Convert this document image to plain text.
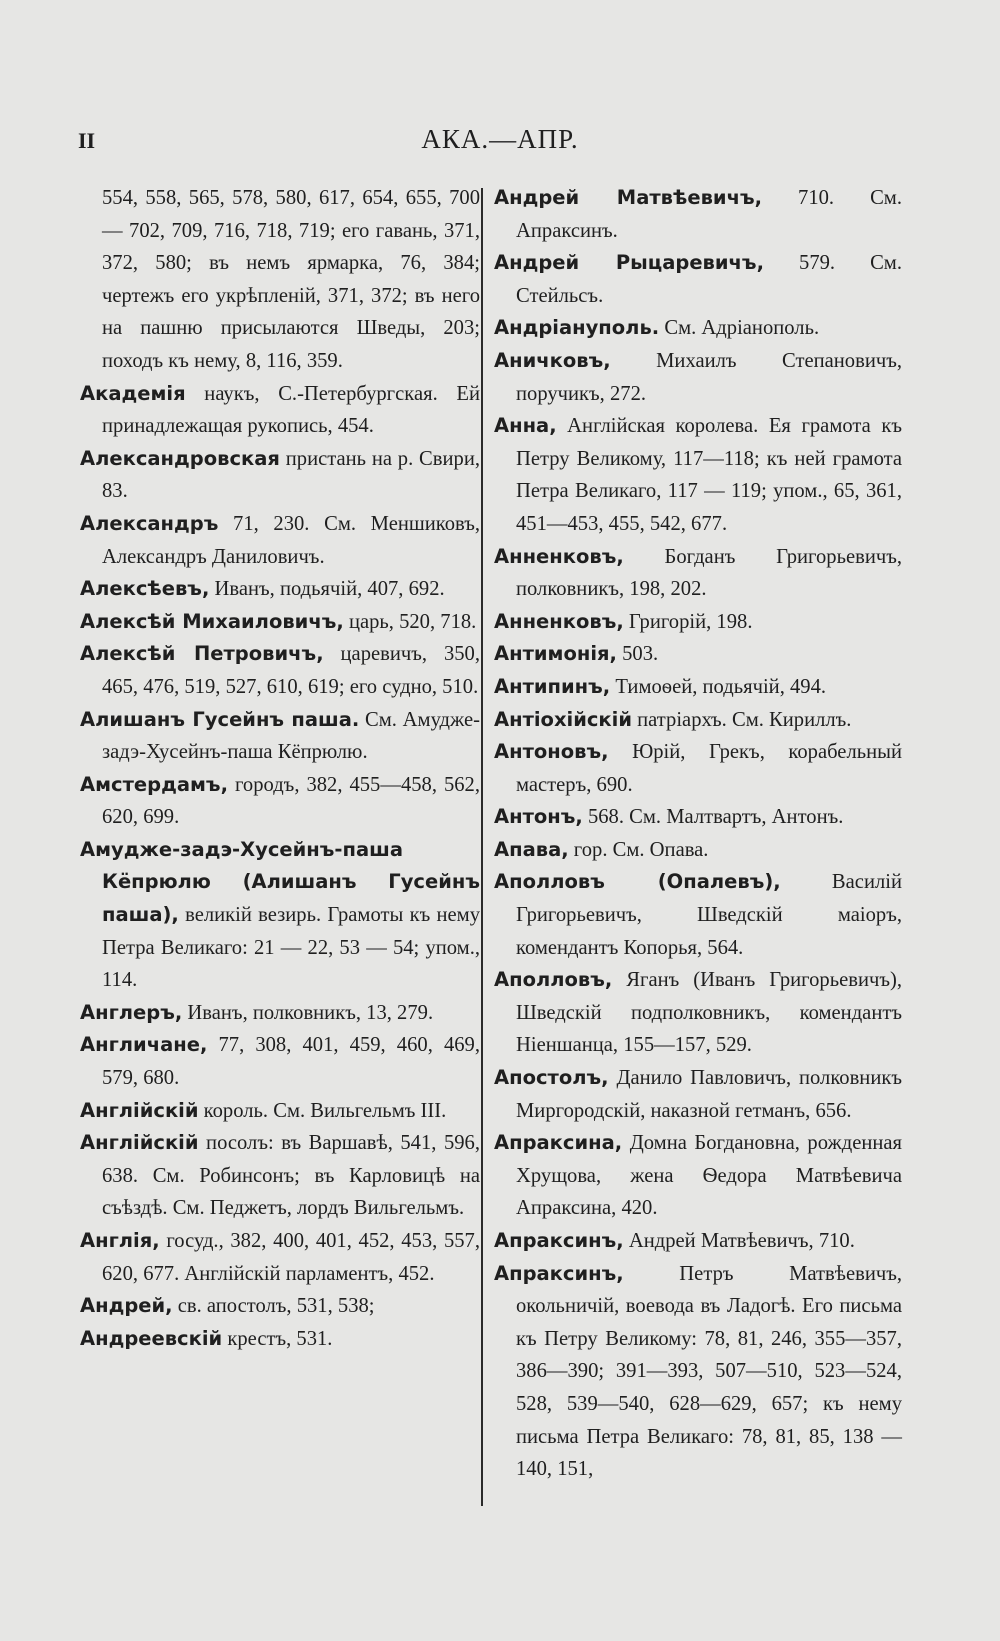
II	АКА.—АПР.

554, 558, 565, 578, 580, 617, 654, 655, 700 — 702, 709, 716, 718, 719; его гавань, 371, 372, 580; въ немъ ярмарка, 76, 384; чертежъ его укрѣпленій, 371, 372; въ него на пашню присылаются Шведы, 203; походъ къ нему, 8, 116, 359.

Академія наукъ, С.-Петербургская. Ей принадлежащая рукопись, 454.

Александровская пристань на р. Свири, 83.

Александръ 71, 230. См. Меншиковъ, Александръ Даниловичъ.

Алексѣевъ, Иванъ, подьячій, 407, 692.

Алексѣй Михаиловичъ, царь, 520, 718.

Алексѣй Петровичъ, царевичъ, 350, 465, 476, 519, 527, 610, 619; его судно, 510.

Алишанъ Гусейнъ паша. См. Амудже-задэ-Хусейнъ-паша Кёпрюлю.

Амстердамъ, городъ, 382, 455—458, 562, 620, 699.

Амудже-задэ-Хусейнъ-паша Кёпрюлю (Алишанъ Гусейнъ паша), великій везирь. Грамоты къ нему Петра Великаго: 21 — 22, 53 — 54; упом., 114.

Англеръ, Иванъ, полковникъ, 13, 279.

Англичане, 77, 308, 401, 459, 460, 469, 579, 680.

Англійскій король. См. Вильгельмъ III.

Англійскій посолъ: въ Варшавѣ, 541, 596, 638. См. Робинсонъ; въ Карловицѣ на съѣздѣ. См. Педжетъ, лордъ Вильгельмъ.

Англія, госуд., 382, 400, 401, 452, 453, 557, 620, 677. Англійскій парламентъ, 452.

Андрей, св. апостолъ, 531, 538;

Андреевскій крестъ, 531.

Андрей Матвѣевичъ, 710. См. Апраксинъ.

Андрей Рыцаревичъ, 579. См. Стейльсъ.

Андріануполь. См. Адріанополь.

Аничковъ, Михаилъ Степановичъ, поручикъ, 272.

Анна, Англійская королева. Ея грамота къ Петру Великому, 117—118; къ ней грамота Петра Великаго, 117 — 119; упом., 65, 361, 451—453, 455, 542, 677.

Анненковъ, Богданъ Григорьевичъ, полковникъ, 198, 202.

Анненковъ, Григорій, 198.

Антимонія, 503.

Антипинъ, Тимоѳей, подьячій, 494.

Антіохійскій патріархъ. См. Кириллъ.

Антоновъ, Юрій, Грекъ, корабельный мастеръ, 690.

Антонъ, 568. См. Малтвартъ, Антонъ.

Апава, гор. См. Опава.

Аполловъ (Опалевъ), Василій Григорьевичъ, Шведскій маіоръ, комендантъ Копорья, 564.

Аполловъ, Яганъ (Иванъ Григорьевичъ), Шведскій подполковникъ, комендантъ Ніеншанца, 155—157, 529.

Апостолъ, Данило Павловичъ, полковникъ Миргородскій, наказной гетманъ, 656.

Апраксина, Домна Богдановна, рожденная Хрущова, жена Ѳедора Матвѣевича Апраксина, 420.

Апраксинъ, Андрей Матвѣевичъ, 710.

Апраксинъ, Петръ Матвѣевичъ, окольничій, воевода въ Ладогѣ. Его письма къ Петру Великому: 78, 81, 246, 355—357, 386—390; 391—393, 507—510, 523—524, 528, 539—540, 628—629, 657; къ нему письма Петра Великаго: 78, 81, 85, 138 — 140, 151,
